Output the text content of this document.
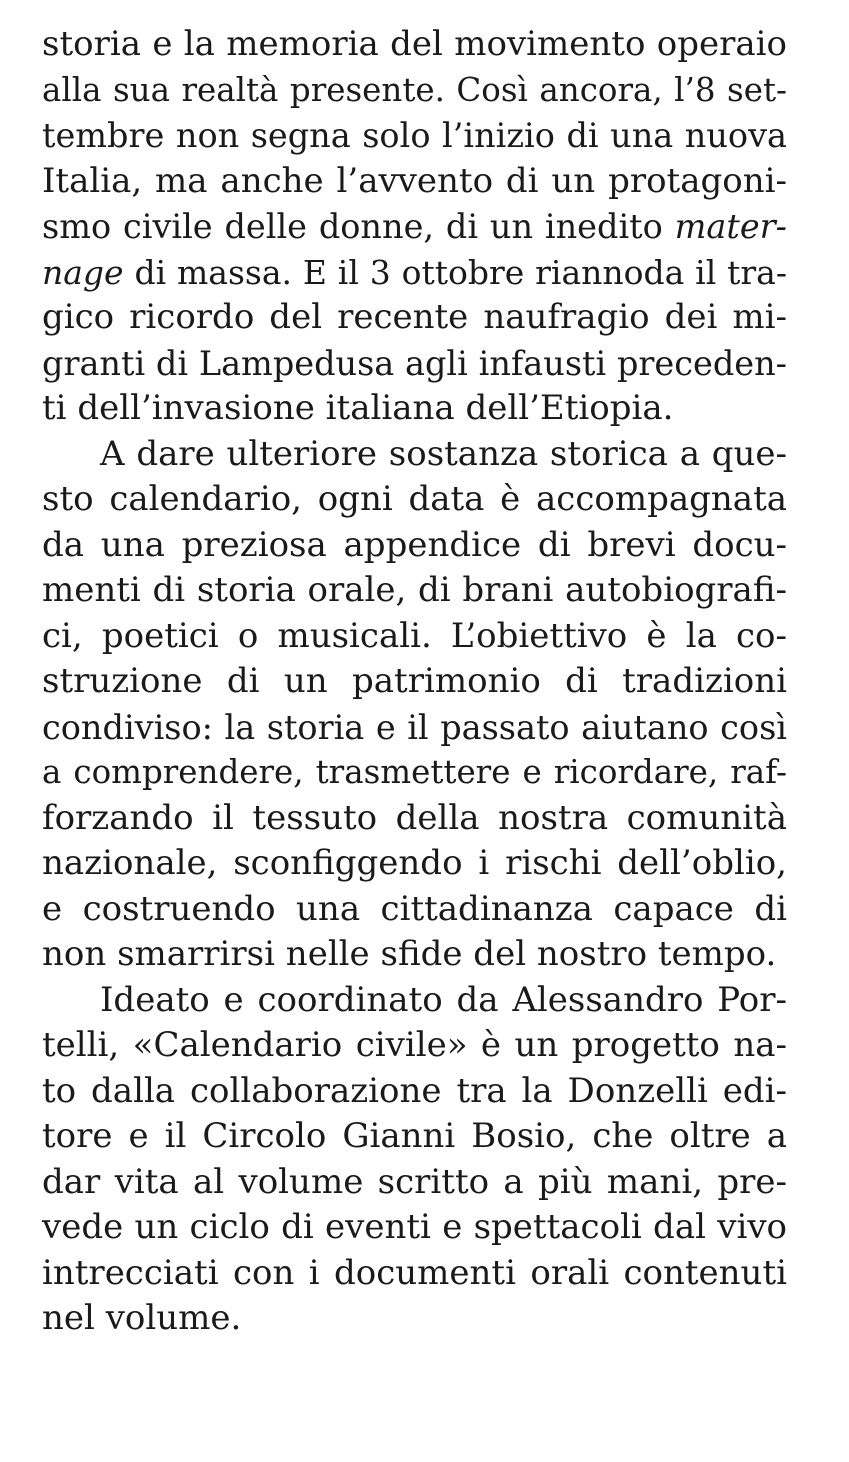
storia e la memoria del movimento operaio
alla sua realtà presente. Così ancora, l’8 set-
tembre non segna solo l’inizio di una nuova
Italia, ma anche l’avvento di un protagoni-
smo civile delle donne, di un inedito mater-
nage di massa. E il 3 ottobre riannoda il tra-
gico ricordo del recente naufragio dei mi-
granti di Lampedusa agli infausti preceden-
ti dell’invasione italiana dell’Etiopia.
A dare ulteriore sostanza storica a que-
sto calendario, ogni data è accompagnata
da una preziosa appendice di brevi docu-
menti di storia orale, di brani autobiografi-
ci, poetici o musicali. L’obiettivo è la co-
struzione di un patrimonio di tradizioni
condiviso: la storia e il passato aiutano così
a comprendere, trasmettere e ricordare, raf-
forzando il tessuto della nostra comunità
nazionale, sconfiggendo i rischi dell’oblio,
e costruendo una cittadinanza capace di
non smarrirsi nelle sfide del nostro tempo.
Ideato e coordinato da Alessandro Por-
telli, «Calendario civile» è un progetto na-
to dalla collaborazione tra la Donzelli edi-
tore e il Circolo Gianni Bosio, che oltre a
dar vita al volume scritto a più mani, pre-
vede un ciclo di eventi e spettacoli dal vivo
intrecciati con i documenti orali contenuti
nel volume.
